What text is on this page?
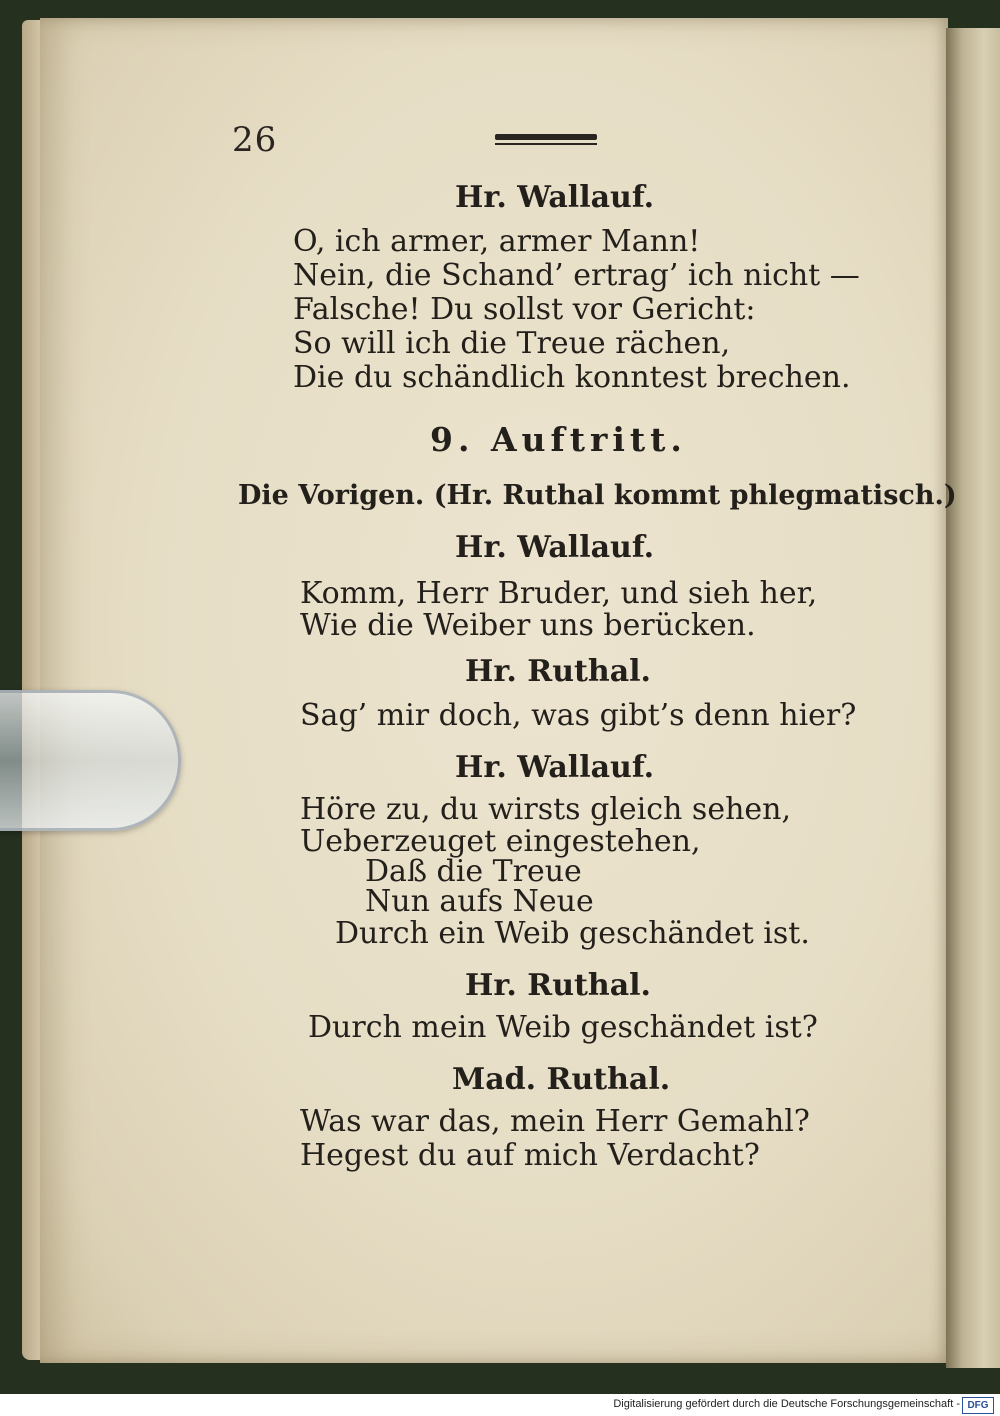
26
Hr. Wallauf.
O, ich armer, armer Mann!
Nein, die Schand’ ertrag’ ich nicht —
Falsche! Du sollst vor Gericht:
So will ich die Treue rächen,
Die du schändlich konntest brechen.
9. Auftritt.
Die Vorigen. (Hr. Ruthal kommt phlegmatisch.)
Hr. Wallauf.
Komm, Herr Bruder, und sieh her,
Wie die Weiber uns berücken.
Hr. Ruthal.
Sag’ mir doch, was gibt’s denn hier?
Hr. Wallauf.
Höre zu, du wirsts gleich sehen,
Ueberzeuget eingestehen,
Daß die Treue
Nun aufs Neue
Durch ein Weib geschändet ist.
Hr. Ruthal.
Durch mein Weib geschändet ist?
Mad. Ruthal.
Was war das, mein Herr Gemahl?
Hegest du auf mich Verdacht?
Digitalisierung gefördert durch die Deutsche Forschungsgemeinschaft - DFG
